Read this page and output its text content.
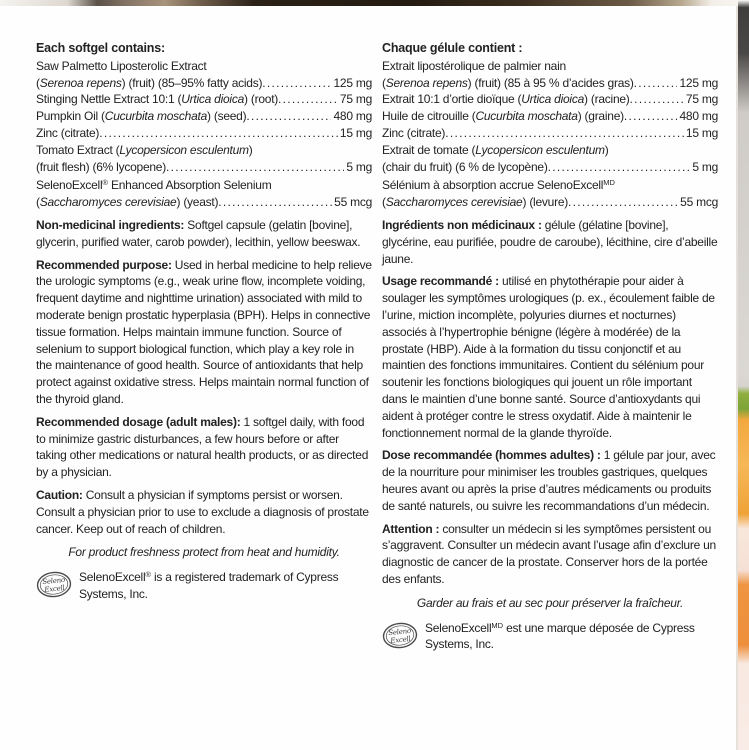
Each softgel contains:
Saw Palmetto Liposterolic Extract
(Serenoa repens) (fruit) (85–95% fatty acids) .....	125 mg
Stinging Nettle Extract 10:1 (Urtica dioica) (root) .....	75 mg
Pumpkin Oil (Cucurbita moschata) (seed) .....	480 mg
Zinc (citrate) .....	15 mg
Tomato Extract (Lycopersicon esculentum)
(fruit flesh) (6% lycopene) .....	5 mg
SelenoExcell® Enhanced Absorption Selenium
(Saccharomyces cerevisiae) (yeast) .....	55 mcg

Non-medicinal ingredients: Softgel capsule (gelatin [bovine], glycerin, purified water, carob powder), lecithin, yellow beeswax.

Recommended purpose: Used in herbal medicine to help relieve the urologic symptoms (e.g., weak urine flow, incomplete voiding, frequent daytime and nighttime urination) associated with mild to moderate benign prostatic hyperplasia (BPH). Helps in connective tissue formation. Helps maintain immune function. Source of selenium to support biological function, which play a key role in the maintenance of good health. Source of antioxidants that help protect against oxidative stress. Helps maintain normal function of the thyroid gland.

Recommended dosage (adult males): 1 softgel daily, with food to minimize gastric disturbances, a few hours before or after taking other medications or natural health products, or as directed by a physician.

Caution: Consult a physician if symptoms persist or worsen. Consult a physician prior to use to exclude a diagnosis of prostate cancer. Keep out of reach of children.

For product freshness protect from heat and humidity.

Seleno
Excell
SelenoExcell® is a registered trademark of Cypress Systems, Inc.
Chaque gélule contient :
Extrait lipostérolique de palmier nain
(Serenoa repens) (fruit) (85 à 95 % d’acides gras) .....	125 mg
Extrait 10:1 d’ortie dioïque (Urtica dioica) (racine) .....	75 mg
Huile de citrouille (Cucurbita moschata) (graine) .....	480 mg
Zinc (citrate) .....	15 mg
Extrait de tomate (Lycopersicon esculentum)
(chair du fruit) (6 % de lycopène) .....	5 mg
Sélénium à absorption accrue SelenoExcell$^{MD}$
(Saccharomyces cerevisiae) (levure) .....	55 mcg

Ingrédients non médicinaux : gélule (gélatine [bovine], glycérine, eau purifiée, poudre de caroube), lécithine, cire d’abeille jaune.

Usage recommandé : utilisé en phytothérapie pour aider à soulager les symptômes urologiques (p. ex., écoulement faible de l’urine, miction incomplète, polyuries diurnes et nocturnes) associés à l’hypertrophie bénigne (légère à modérée) de la prostate (HBP). Aide à la formation du tissu conjonctif et au maintien des fonctions immunitaires. Contient du sélénium pour soutenir les fonctions biologiques qui jouent un rôle important dans le maintien d’une bonne santé. Source d’antioxydants qui aident à protéger contre le stress oxydatif. Aide à maintenir le fonctionnement normal de la glande thyroïde.

Dose recommandée (hommes adultes) : 1 gélule par jour, avec de la nourriture pour minimiser les troubles gastriques, quelques heures avant ou après la prise d’autres médicaments ou produits de santé naturels, ou suivre les recommandations d’un médecin.

Attention : consulter un médecin si les symptômes persistent ou s’aggravent. Consulter un médecin avant l’usage afin d’exclure un diagnostic de cancer de la prostate. Conserver hors de la portée des enfants.

Garder au frais et au sec pour préserver la fraîcheur.

Seleno
Excell
SelenoExcell$^{MD}$ est une marque déposée de Cypress Systems, Inc.
